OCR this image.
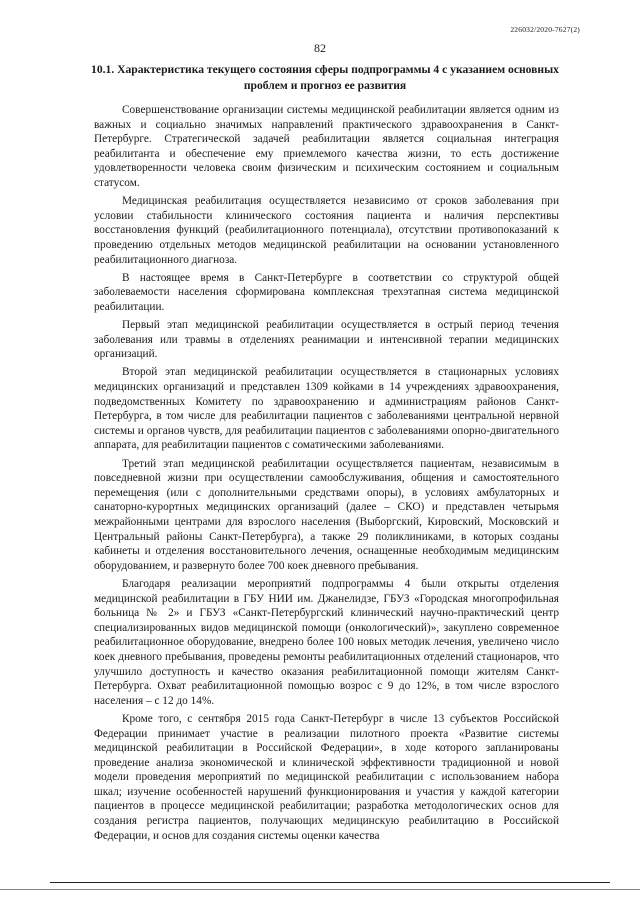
226032/2020-7627(2)
82
10.1. Характеристика текущего состояния сферы подпрограммы 4 с указанием основных проблем и прогноз ее развития

Совершенствование организации системы медицинской реабилитации является одним из важных и социально значимых направлений практического здравоохранения в Санкт-Петербурге. Стратегической задачей реабилитации является социальная интеграция реабилитанта и обеспечение ему приемлемого качества жизни, то есть достижение удовлетворенности человека своим физическим и психическим состоянием и социальным статусом.

Медицинская реабилитация осуществляется независимо от сроков заболевания при условии стабильности клинического состояния пациента и наличия перспективы восстановления функций (реабилитационного потенциала), отсутствии противопоказаний к проведению отдельных методов медицинской реабилитации на основании установленного реабилитационного диагноза.

В настоящее время в Санкт-Петербурге в соответствии со структурой общей заболеваемости населения сформирована комплексная трехэтапная система медицинской реабилитации.

Первый этап медицинской реабилитации осуществляется в острый период течения заболевания или травмы в отделениях реанимации и интенсивной терапии медицинских организаций.

Второй этап медицинской реабилитации осуществляется в стационарных условиях медицинских организаций и представлен 1309 койками в 14 учреждениях здравоохранения, подведомственных Комитету по здравоохранению и администрациям районов Санкт-Петербурга, в том числе для реабилитации пациентов с заболеваниями центральной нервной системы и органов чувств, для реабилитации пациентов с заболеваниями опорно-двигательного аппарата, для реабилитации пациентов с соматическими заболеваниями.

Третий этап медицинской реабилитации осуществляется пациентам, независимым в повседневной жизни при осуществлении самообслуживания, общения и самостоятельного перемещения (или с дополнительными средствами опоры), в условиях амбулаторных и санаторно-курортных медицинских организаций (далее – СКО) и представлен четырьмя межрайонными центрами для взрослого населения (Выборгский, Кировский, Московский и Центральный районы Санкт-Петербурга), а также 29 поликлиниками, в которых созданы кабинеты и отделения восстановительного лечения, оснащенные необходимым медицинским оборудованием, и развернуто более 700 коек дневного пребывания.

Благодаря реализации мероприятий подпрограммы 4 были открыты отделения медицинской реабилитации в ГБУ НИИ им. Джанелидзе, ГБУЗ «Городская многопрофильная больница № 2» и ГБУЗ «Санкт-Петербургский клинический научно-практический центр специализированных видов медицинской помощи (онкологический)», закуплено современное реабилитационное оборудование, внедрено более 100 новых методик лечения, увеличено число коек дневного пребывания, проведены ремонты реабилитационных отделений стационаров, что улучшило доступность и качество оказания реабилитационной помощи жителям Санкт-Петербурга. Охват реабилитационной помощью возрос с 9 до 12%, в том числе взрослого населения – с 12 до 14%.

Кроме того, с сентября 2015 года Санкт-Петербург в числе 13 субъектов Российской Федерации принимает участие в реализации пилотного проекта «Развитие системы медицинской реабилитации в Российской Федерации», в ходе которого запланированы проведение анализа экономической и клинической эффективности традиционной и новой модели проведения мероприятий по медицинской реабилитации с использованием набора шкал; изучение особенностей нарушений функционирования и участия у каждой категории пациентов в процессе медицинской реабилитации; разработка методологических основ для создания регистра пациентов, получающих медицинскую реабилитацию в Российской Федерации, и основ для создания системы оценки качества
